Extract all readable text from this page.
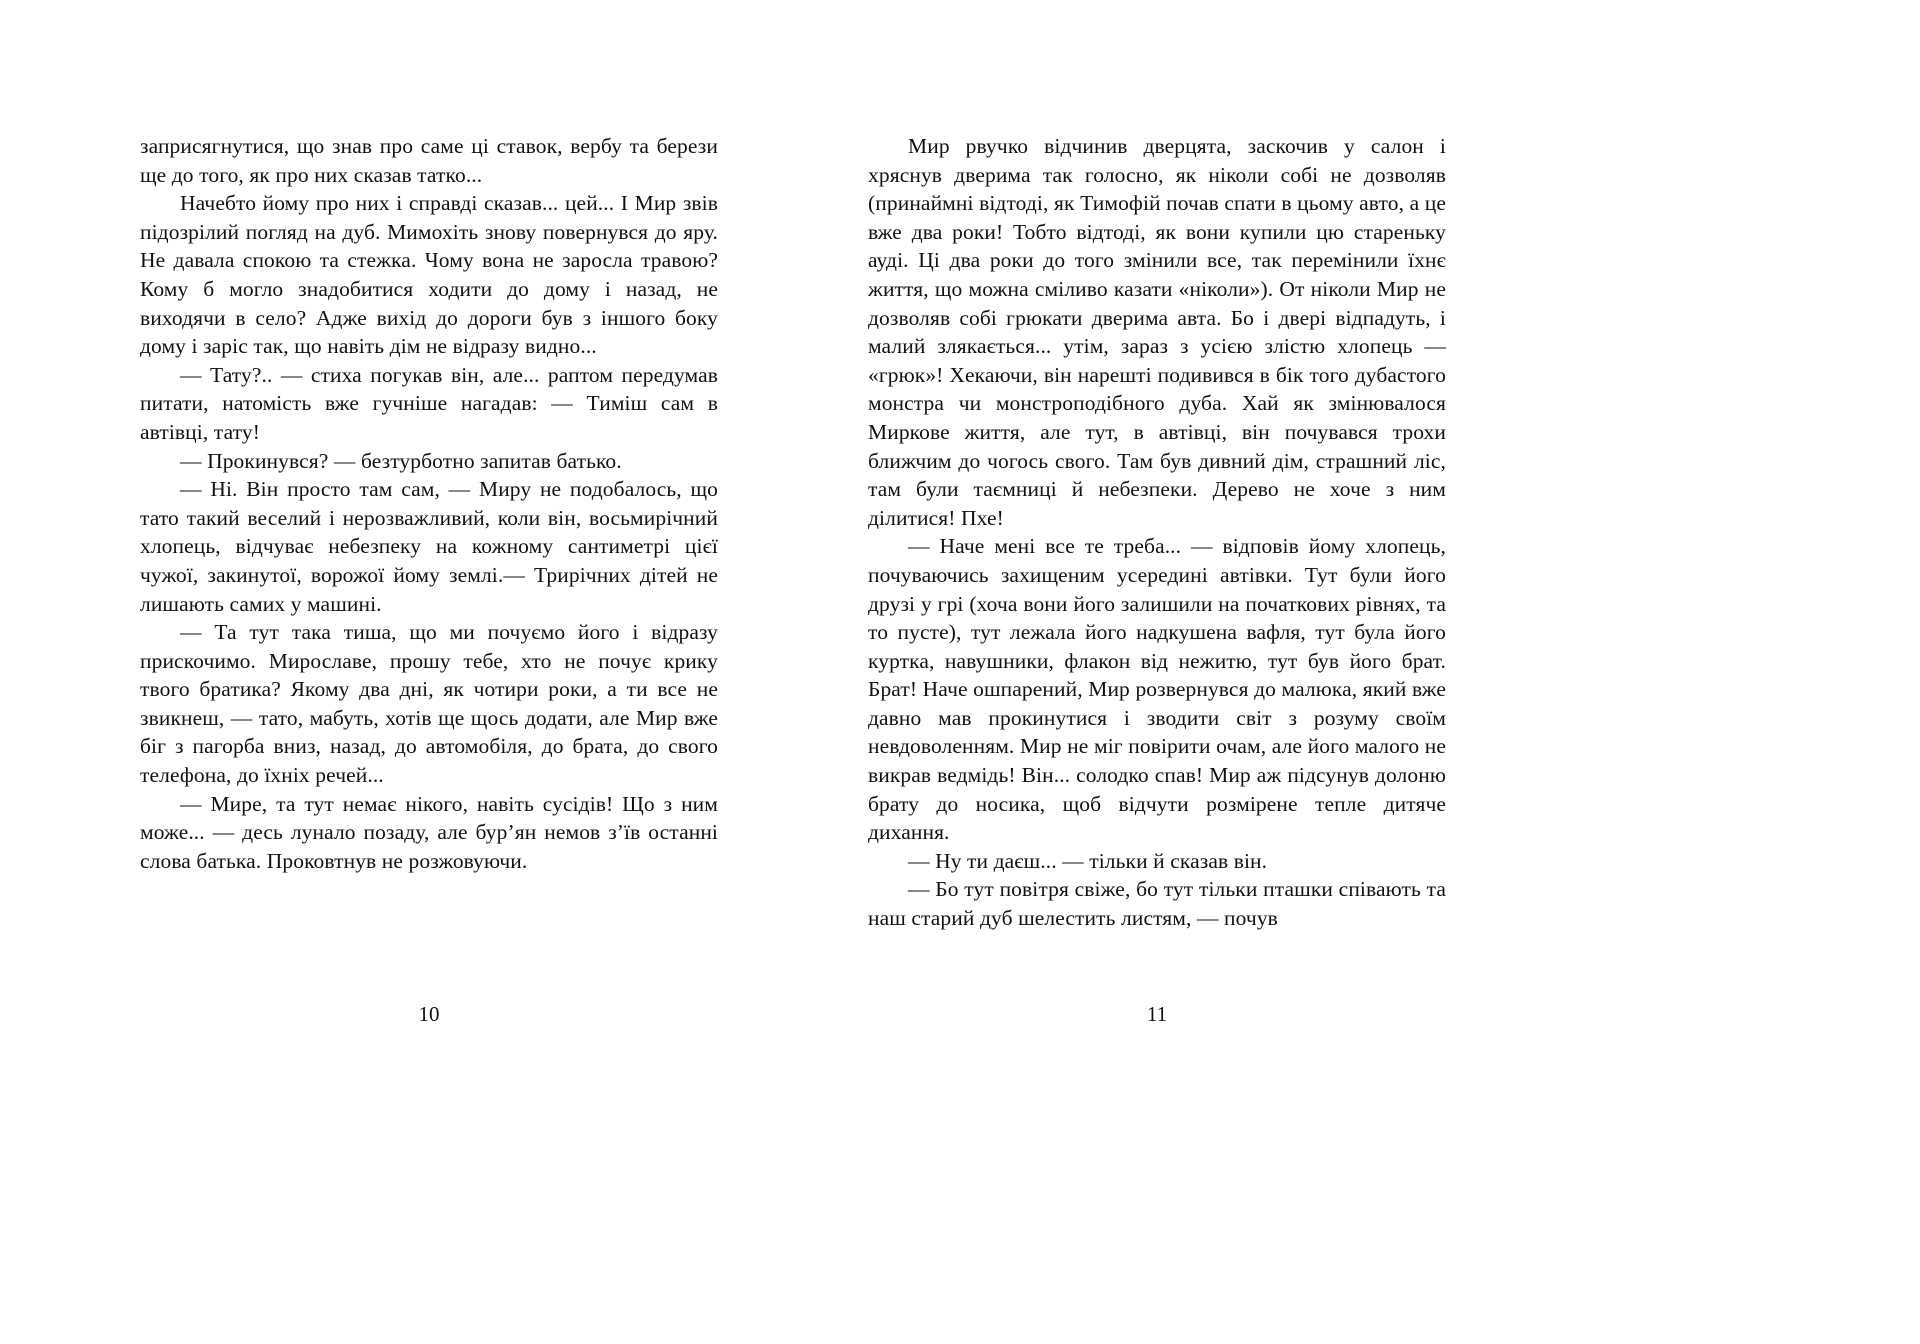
заприсягнутися, що знав про саме ці ставок, вербу та берези ще до того, як про них сказав татко...

Начебто йому про них і справді сказав... цей... І Мир звів підозрілий погляд на дуб. Мимохіть знову повернувся до яру. Не давала спокою та стежка. Чому вона не заросла травою? Кому б могло знадобитися ходити до дому і назад, не виходячи в село? Адже вихід до дороги був з іншого боку дому і заріс так, що навіть дім не відразу видно...

— Тату?.. — стиха погукав він, але... раптом передумав питати, натомість вже гучніше нагадав: — Тиміш сам в автівці, тату!

— Прокинувся? — безтурботно запитав батько.

— Ні. Він просто там сам, — Миру не подобалось, що тато такий веселий і нерозважливий, коли він, восьмирічний хлопець, відчуває небезпеку на кожному сантиметрі цієї чужої, закинутої, ворожої йому землі.— Трирічних дітей не лишають самих у машині.

— Та тут така тиша, що ми почуємо його і відразу прискочимо. Мирославе, прошу тебе, хто не почує крику твого братика? Якому два дні, як чотири роки, а ти все не звикнеш, — тато, мабуть, хотів ще щось додати, але Мир вже біг з пагорба вниз, назад, до автомобіля, до брата, до свого телефона, до їхніх речей...

— Мире, та тут немає нікого, навіть сусідів! Що з ним може... — десь лунало позаду, але бур’ян немов з’їв останні слова батька. Проковтнув не розжовуючи.

10

Мир рвучко відчинив дверцята, заскочив у салон і хряснув дверима так голосно, як ніколи собі не дозволяв (принаймні відтоді, як Тимофій почав спати в цьому авто, а це вже два роки! Тобто відтоді, як вони купили цю стареньку ауді. Ці два роки до того змінили все, так перемінили їхнє життя, що можна сміливо казати «ніколи»). От ніколи Мир не дозволяв собі грюкати дверима авта. Бо і двері відпадуть, і малий злякається... утім, зараз з усією злістю хлопець — «грюк»! Хекаючи, він нарешті подивився в бік того дубастого монстра чи монстроподібного дуба. Хай як змінювалося Миркове життя, але тут, в автівці, він почувався трохи ближчим до чогось свого. Там був дивний дім, страшний ліс, там були таємниці й небезпеки. Дерево не хоче з ним ділитися! Пхе!

— Наче мені все те треба... — відповів йому хлопець, почуваючись захищеним усередині автівки. Тут були його друзі у грі (хоча вони його залишили на початкових рівнях, та то пусте), тут лежала його надкушена вафля, тут була його куртка, навушники, флакон від нежитю, тут був його брат. Брат! Наче ошпарений, Мир розвернувся до малюка, який вже давно мав прокинутися і зводити світ з розуму своїм невдоволенням. Мир не міг повірити очам, але його малого не викрав ведмідь! Він... солодко спав! Мир аж підсунув долоню брату до носика, щоб відчути розмірене тепле дитяче дихання.

— Ну ти даєш... — тільки й сказав він.

— Бо тут повітря свіже, бо тут тільки пташки співають та наш старий дуб шелестить листям, — почув

11
